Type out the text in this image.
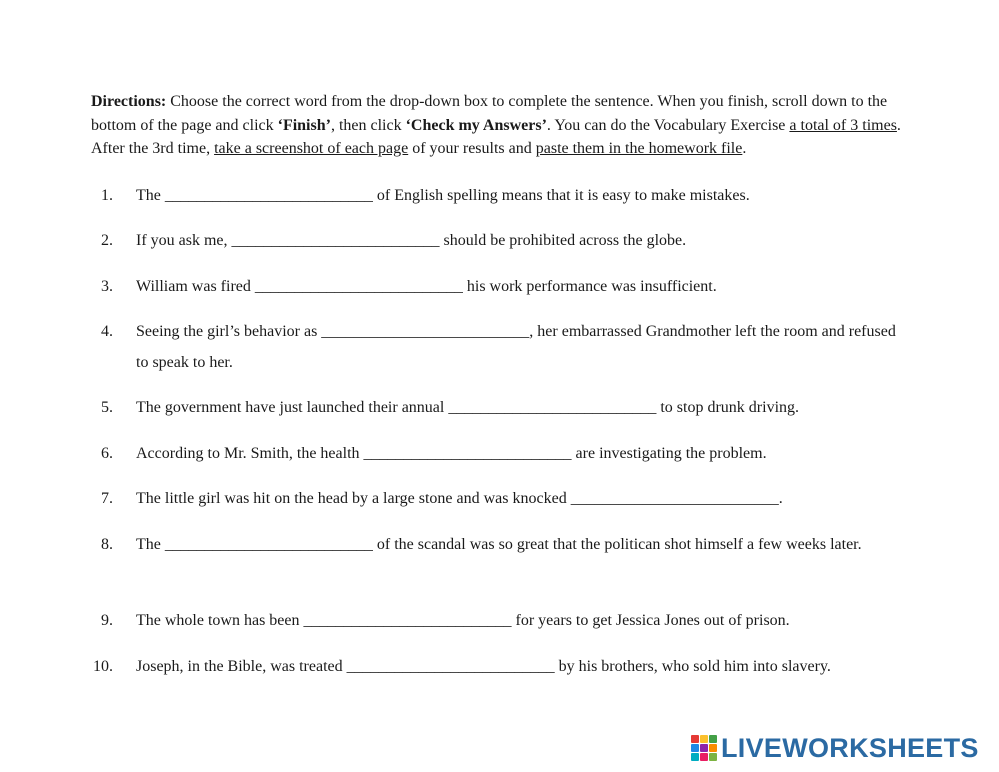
Directions: Choose the correct word from the drop-down box to complete the sentence. When you finish, scroll down to the bottom of the page and click ‘Finish’, then click ‘Check my Answers’. You can do the Vocabulary Exercise a total of 3 times. After the 3rd time, take a screenshot of each page of your results and paste them in the homework file.
1. The __________________________ of English spelling means that it is easy to make mistakes.
2. If you ask me, __________________________ should be prohibited across the globe.
3. William was fired __________________________ his work performance was insufficient.
4. Seeing the girl’s behavior as __________________________, her embarrassed Grandmother left the room and refused to speak to her.
5. The government have just launched their annual __________________________ to stop drunk driving.
6. According to Mr. Smith, the health __________________________ are investigating the problem.
7. The little girl was hit on the head by a large stone and was knocked __________________________.
8. The __________________________ of the scandal was so great that the politican shot himself a few weeks later.
9. The whole town has been __________________________ for years to get Jessica Jones out of prison.
10. Joseph, in the Bible, was treated __________________________ by his brothers, who sold him into slavery.
LIVEWORKSHEETS
